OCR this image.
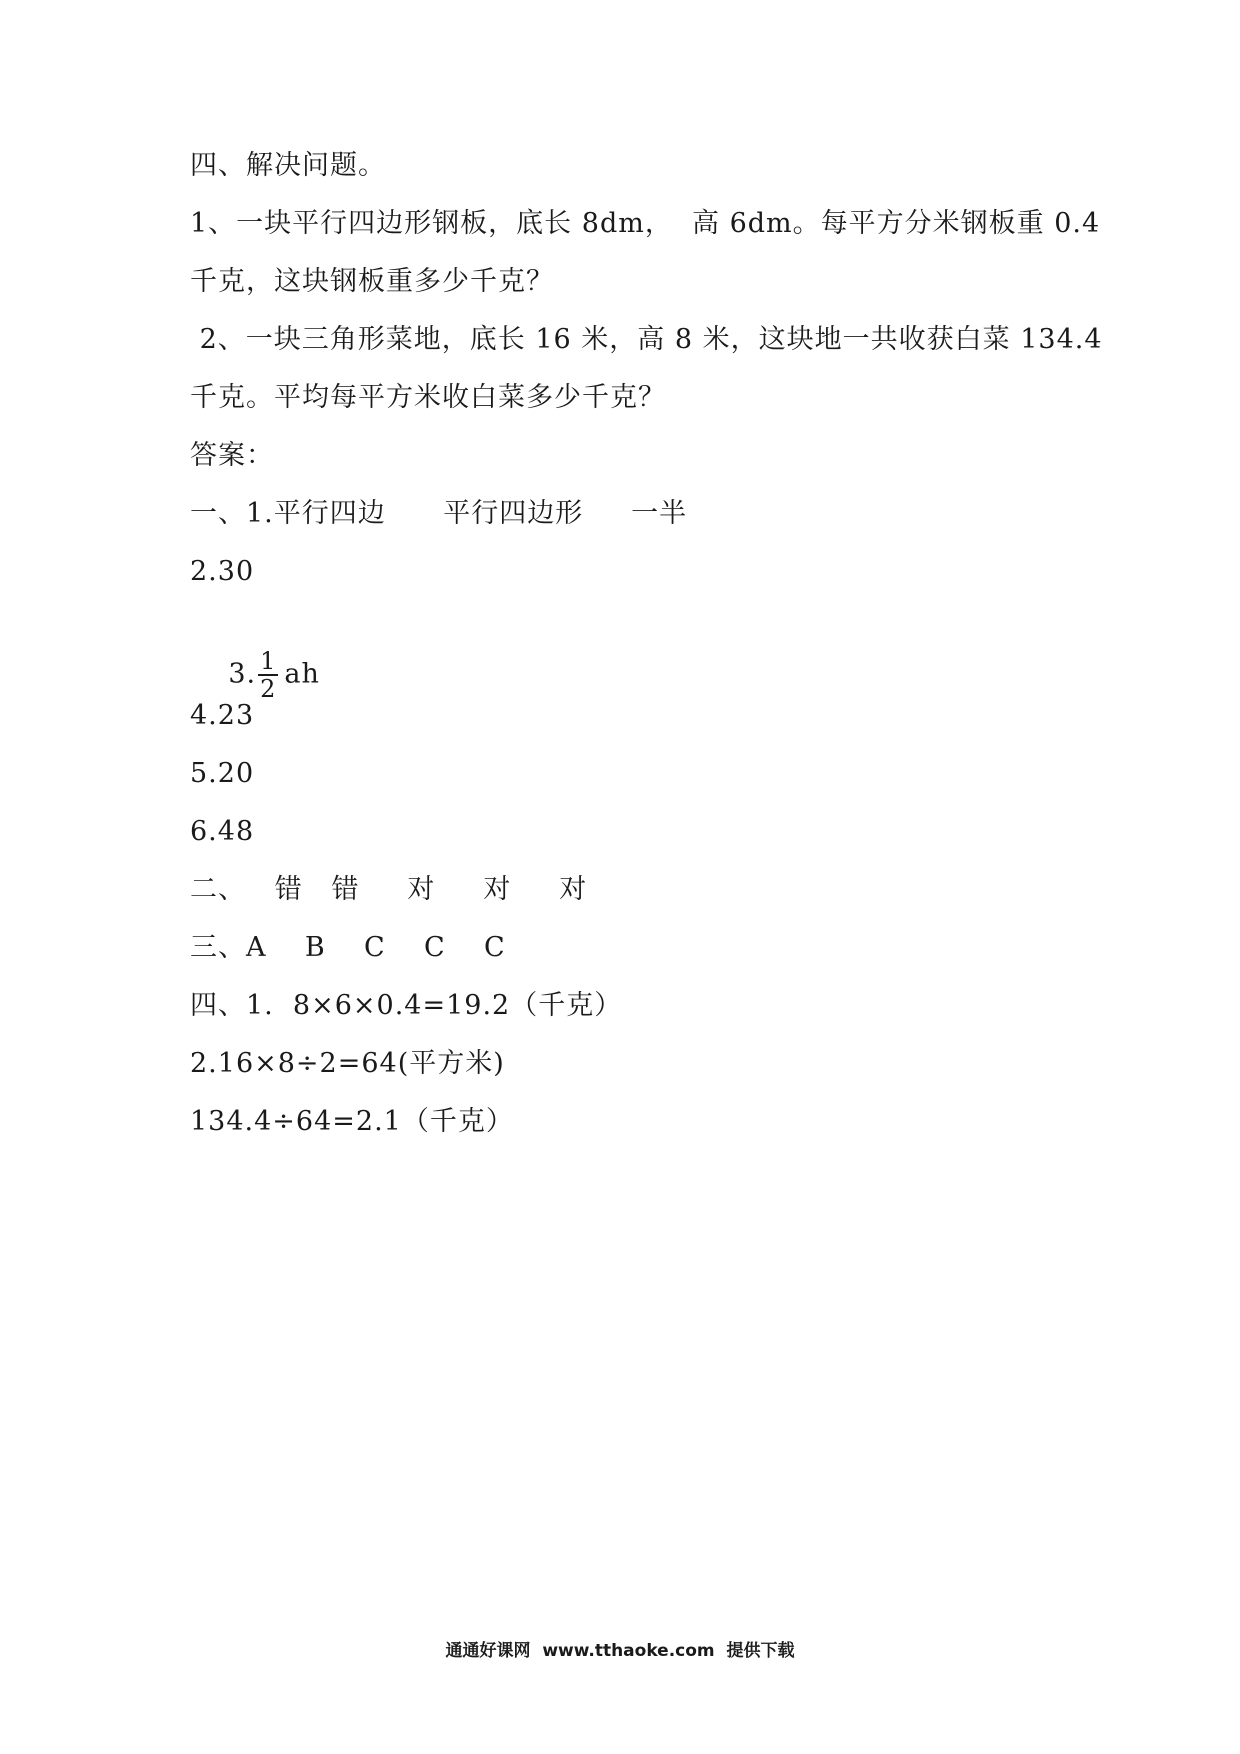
四、解决问题。
1、一块平行四边形钢板，底长 8dm，  高 6dm。每平方分米钢板重 0.4
千克，这块钢板重多少千克？
2、一块三角形菜地，底长 16 米，高 8 米，这块地一共收获白菜 134.4
千克。平均每平方米收白菜多少千克？
答案：
一、1.平行四边      平行四边形     一半
2.30

3. $\frac{1}{2}$ ah

4.23
5.20
6.48
二、   错   错     对     对     对
三、A    B    C    C    C
四、1.  8×6×0.4=19.2（千克）
2.16×8÷2=64(平方米)
134.4÷64=2.1（千克）
通通好课网  www.tthaoke.com  提供下载
